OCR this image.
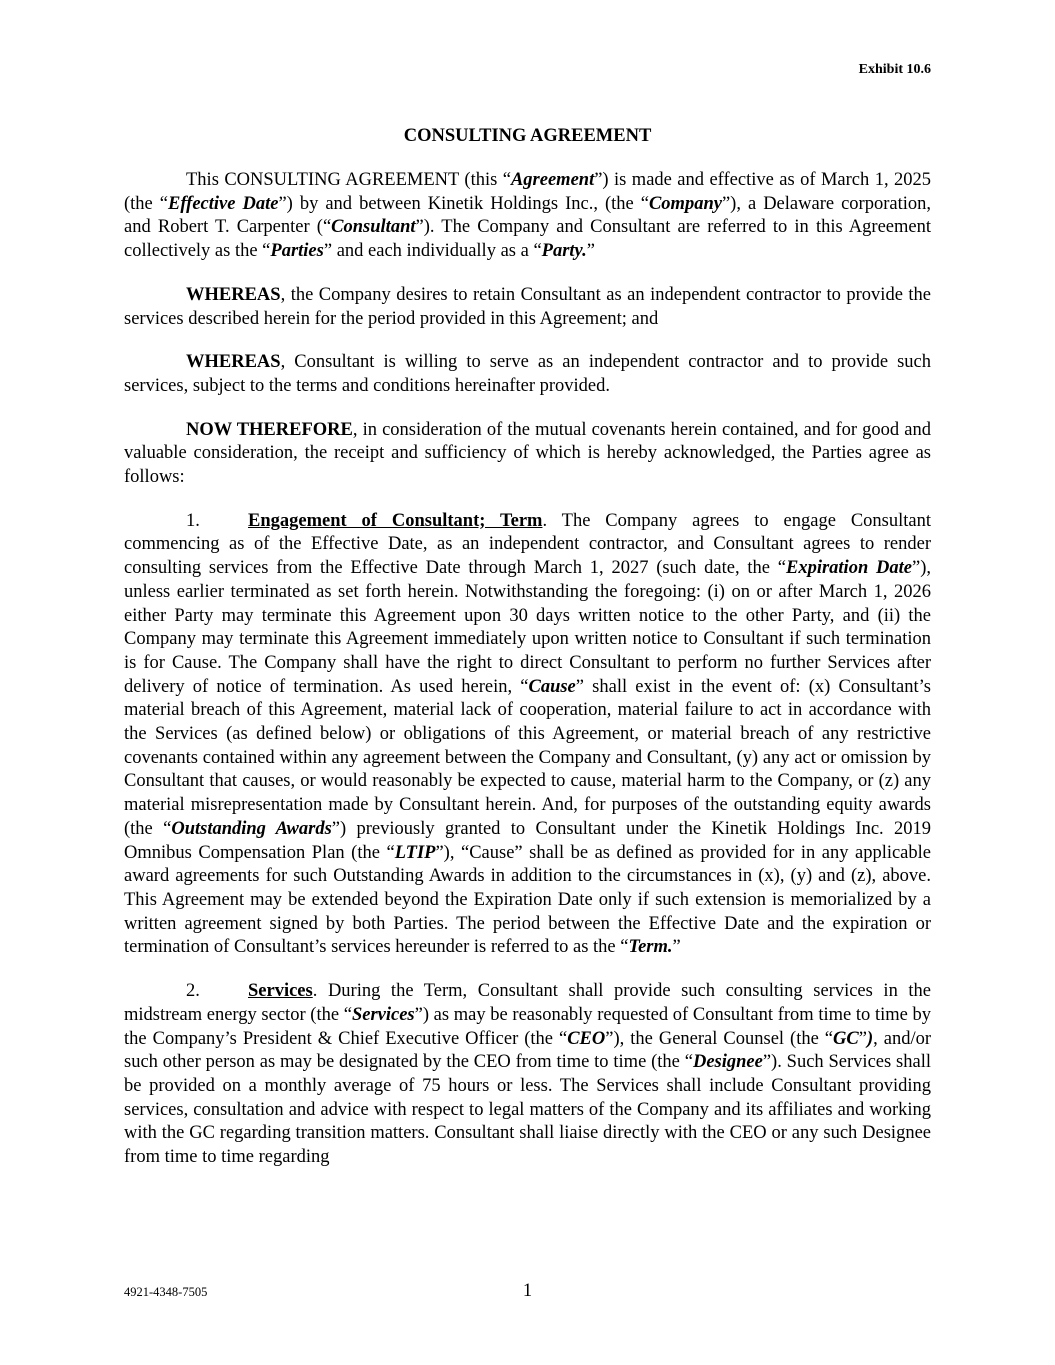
Exhibit 10.6
CONSULTING AGREEMENT

This CONSULTING AGREEMENT (this “Agreement”) is made and effective as of March 1, 2025 (the “Effective Date”) by and between Kinetik Holdings Inc., (the “Company”), a Delaware corporation, and Robert T. Carpenter (“Consultant”). The Company and Consultant are referred to in this Agreement collectively as the “Parties” and each individually as a “Party.”

WHEREAS, the Company desires to retain Consultant as an independent contractor to provide the services described herein for the period provided in this Agreement; and

WHEREAS, Consultant is willing to serve as an independent contractor and to provide such services, subject to the terms and conditions hereinafter provided.

NOW THEREFORE, in consideration of the mutual covenants herein contained, and for good and valuable consideration, the receipt and sufficiency of which is hereby acknowledged, the Parties agree as follows:

1.	Engagement of Consultant; Term. The Company agrees to engage Consultant commencing as of the Effective Date, as an independent contractor, and Consultant agrees to render consulting services from the Effective Date through March 1, 2027 (such date, the “Expiration Date”), unless earlier terminated as set forth herein. Notwithstanding the foregoing: (i) on or after March 1, 2026 either Party may terminate this Agreement upon 30 days written notice to the other Party, and (ii) the Company may terminate this Agreement immediately upon written notice to Consultant if such termination is for Cause. The Company shall have the right to direct Consultant to perform no further Services after delivery of notice of termination. As used herein, “Cause” shall exist in the event of: (x) Consultant’s material breach of this Agreement, material lack of cooperation, material failure to act in accordance with the Services (as defined below) or obligations of this Agreement, or material breach of any restrictive covenants contained within any agreement between the Company and Consultant, (y) any act or omission by Consultant that causes, or would reasonably be expected to cause, material harm to the Company, or (z) any material misrepresentation made by Consultant herein. And, for purposes of the outstanding equity awards (the “Outstanding Awards”) previously granted to Consultant under the Kinetik Holdings Inc. 2019 Omnibus Compensation Plan (the “LTIP”), “Cause” shall be as defined as provided for in any applicable award agreements for such Outstanding Awards in addition to the circumstances in (x), (y) and (z), above. This Agreement may be extended beyond the Expiration Date only if such extension is memorialized by a written agreement signed by both Parties. The period between the Effective Date and the expiration or termination of Consultant’s services hereunder is referred to as the “Term.”

2.	Services. During the Term, Consultant shall provide such consulting services in the midstream energy sector (the “Services”) as may be reasonably requested of Consultant from time to time by the Company’s President & Chief Executive Officer (the “CEO”), the General Counsel (the “GC”), and/or such other person as may be designated by the CEO from time to time (the “Designee”). Such Services shall be provided on a monthly average of 75 hours or less. The Services shall include Consultant providing services, consultation and advice with respect to legal matters of the Company and its affiliates and working with the GC regarding transition matters. Consultant shall liaise directly with the CEO or any such Designee from time to time regarding

4921-4348-7505	1
